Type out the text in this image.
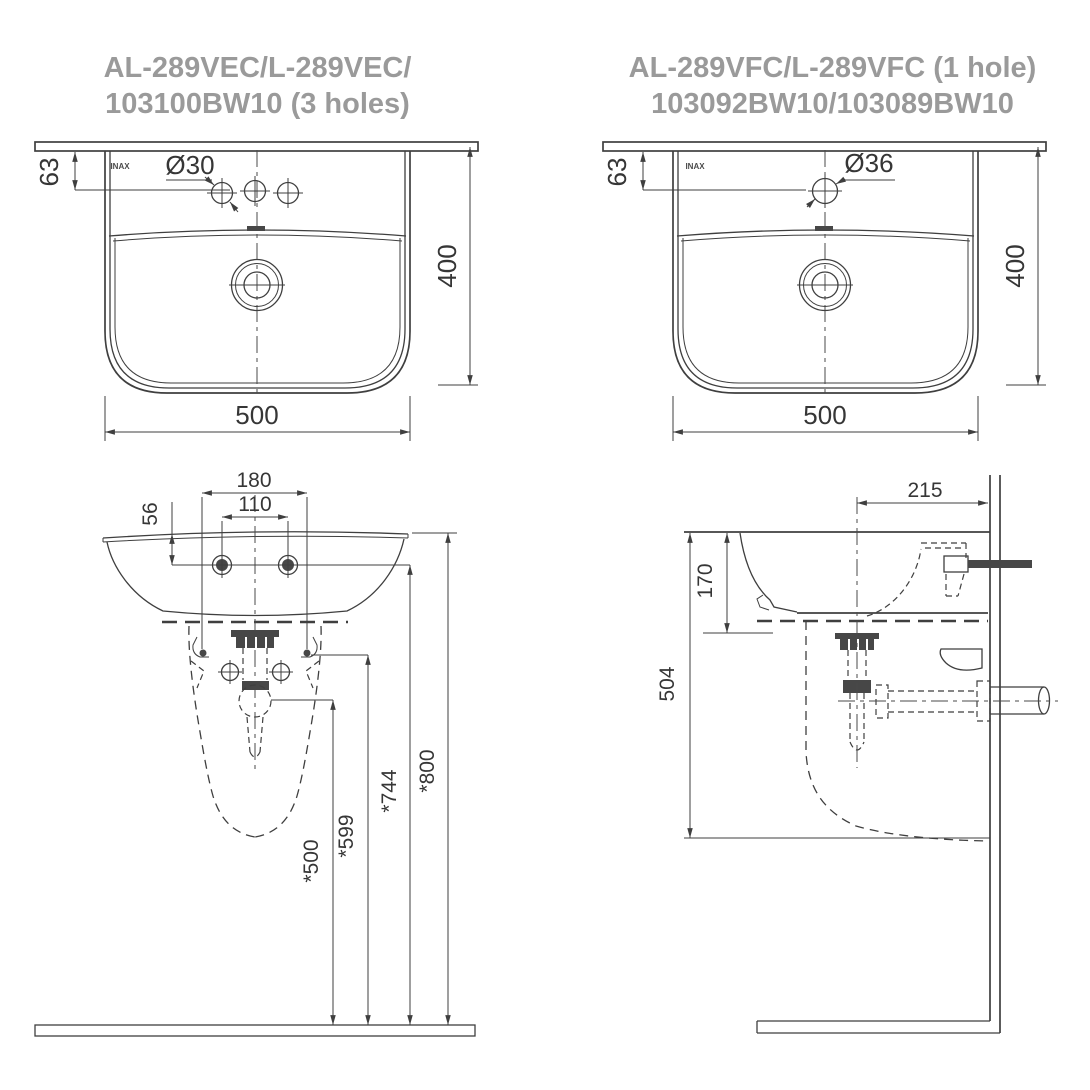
AL-289VEC/L-289VEC/
103100BW10 (3 holes)
AL-289VFC/L-289VFC (1 hole)
103092BW10/103089BW10
INAX
63	Ø30
400
500
INAX
63	Ø36
400
500
180
110
56
*500
*599
*744 *800
215
170
504
